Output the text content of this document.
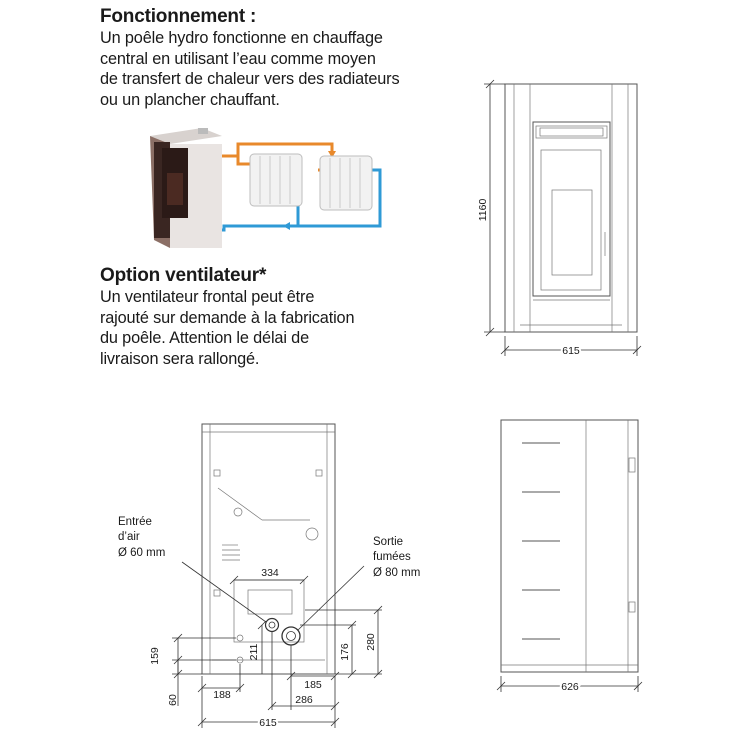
Fonctionnement :

Un poêle hydro fonctionne en chauffage

central en utilisant l’eau comme moyen

de transfert de chaleur vers des radiateurs

ou un plancher chauffant.

Option ventilateur*

Un ventilateur frontal peut être

rajouté sur demande à la fabrication

du poêle. Attention le délai de

livraison sera rallongé.

1160
615
Entrée
d’air
Ø 60 mm
Sortie
fumées
Ø 80 mm
334
211	176
280
159
60	188
185
286
615
626
